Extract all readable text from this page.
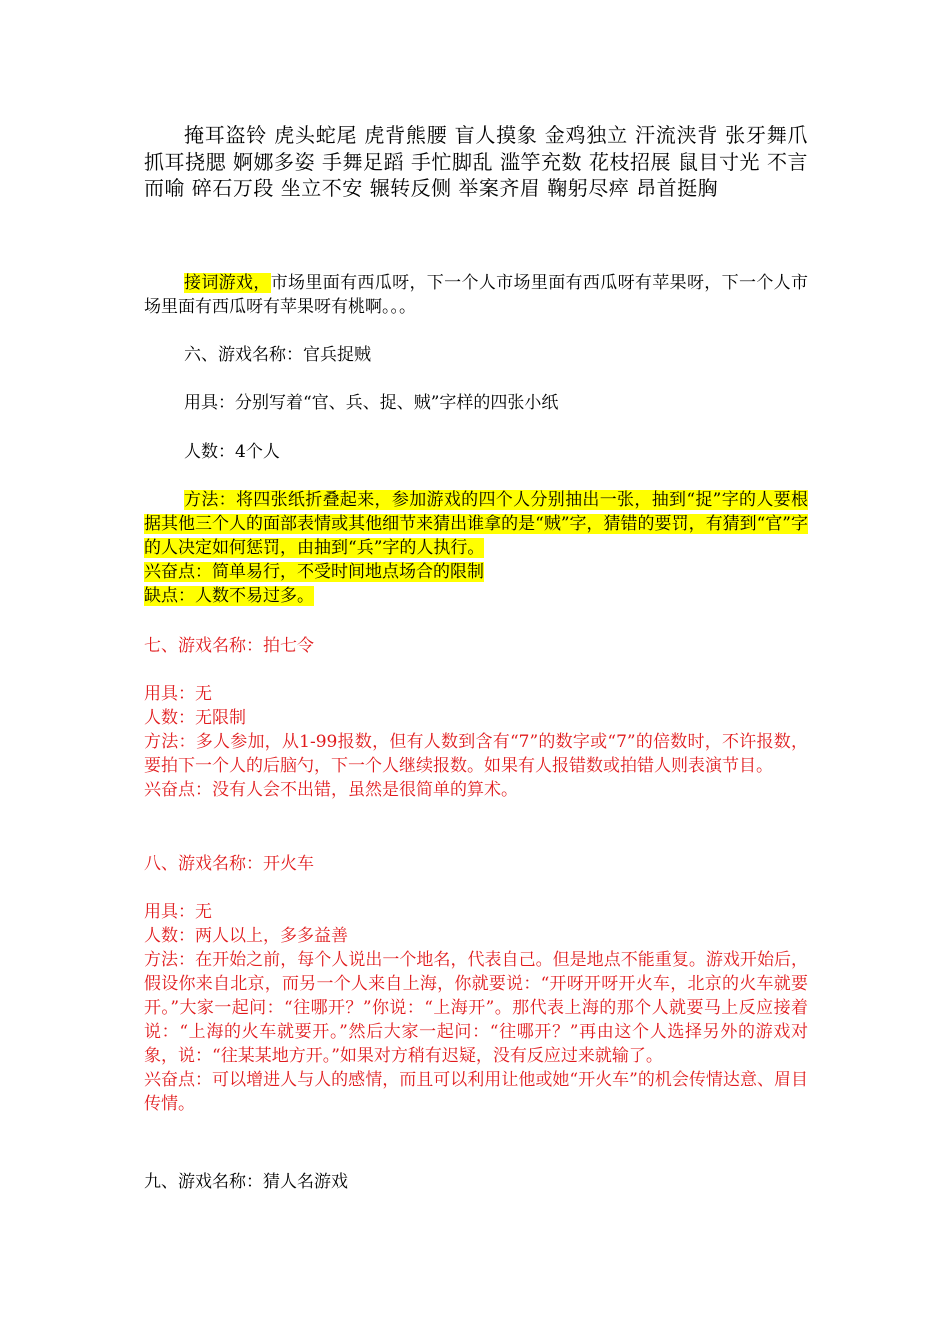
掩耳盗铃 虎头蛇尾 虎背熊腰 盲人摸象 金鸡独立 汗流浃背 张牙舞爪 抓耳挠腮 婀娜多姿 手舞足蹈 手忙脚乱 滥竽充数 花枝招展 鼠目寸光 不言而喻 碎石万段 坐立不安 辗转反侧 举案齐眉 鞠躬尽瘁 昂首挺胸

接词游戏，市场里面有西瓜呀，下一个人市场里面有西瓜呀有苹果呀，下一个人市场里面有西瓜呀有苹果呀有桃啊。。。

六、游戏名称：官兵捉贼

用具：分别写着“官、兵、捉、贼”字样的四张小纸

人数：4个人

方法：将四张纸折叠起来，参加游戏的四个人分别抽出一张，抽到“捉”字的人要根据其他三个人的面部表情或其他细节来猜出谁拿的是“贼”字，猜错的要罚，有猜到“官”字的人决定如何惩罚，由抽到“兵”字的人执行。
兴奋点：简单易行，不受时间地点场合的限制
缺点：人数不易过多。

七、游戏名称：拍七令

用具：无
人数：无限制
方法：多人参加，从1-99报数，但有人数到含有“7”的数字或“7”的倍数时，不许报数，要拍下一个人的后脑勺，下一个人继续报数。如果有人报错数或拍错人则表演节目。
兴奋点：没有人会不出错，虽然是很简单的算术。

八、游戏名称：开火车

用具：无
人数：两人以上，多多益善
方法：在开始之前，每个人说出一个地名，代表自己。但是地点不能重复。游戏开始后，假设你来自北京，而另一个人来自上海，你就要说：“开呀开呀开火车，北京的火车就要开。”大家一起问：“往哪开？”你说：“上海开”。那代表上海的那个人就要马上反应接着说：“上海的火车就要开。”然后大家一起问：“往哪开？”再由这个人选择另外的游戏对象，说：“往某某地方开。”如果对方稍有迟疑，没有反应过来就输了。
兴奋点：可以增进人与人的感情，而且可以利用让他或她“开火车”的机会传情达意、眉目传情。

九、游戏名称：猜人名游戏
